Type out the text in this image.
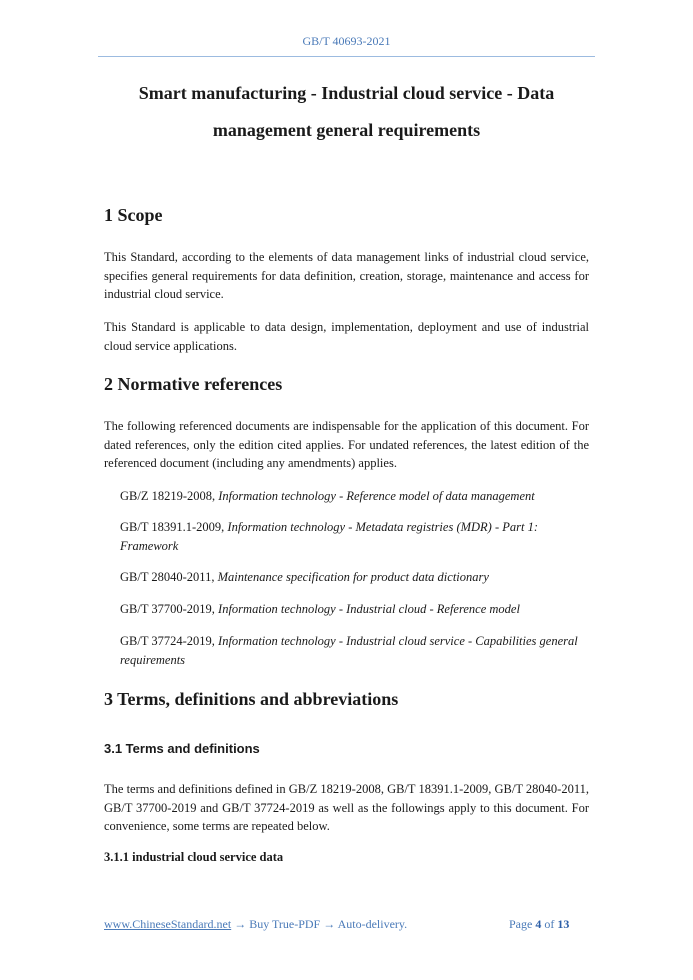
GB/T 40693-2021
Smart manufacturing - Industrial cloud service - Data
management general requirements
1 Scope

This Standard, according to the elements of data management links of industrial cloud service, specifies general requirements for data definition, creation, storage, maintenance and access for industrial cloud service.

This Standard is applicable to data design, implementation, deployment and use of industrial cloud service applications.

2 Normative references

The following referenced documents are indispensable for the application of this document. For dated references, only the edition cited applies. For undated references, the latest edition of the referenced document (including any amendments) applies.

GB/Z 18219-2008, Information technology - Reference model of data management

GB/T 18391.1-2009, Information technology - Metadata registries (MDR) - Part 1: Framework

GB/T 28040-2011, Maintenance specification for product data dictionary

GB/T 37700-2019, Information technology - Industrial cloud - Reference model

GB/T 37724-2019, Information technology - Industrial cloud service - Capabilities general requirements

3 Terms, definitions and abbreviations
3.1 Terms and definitions

The terms and definitions defined in GB/Z 18219-2008, GB/T 18391.1-2009, GB/T 28040-2011, GB/T 37700-2019 and GB/T 37724-2019 as well as the followings apply to this document. For convenience, some terms are repeated below.

3.1.1 industrial cloud service data
www.ChineseStandard.net → Buy True-PDF → Auto-delivery.	Page 4 of 13
